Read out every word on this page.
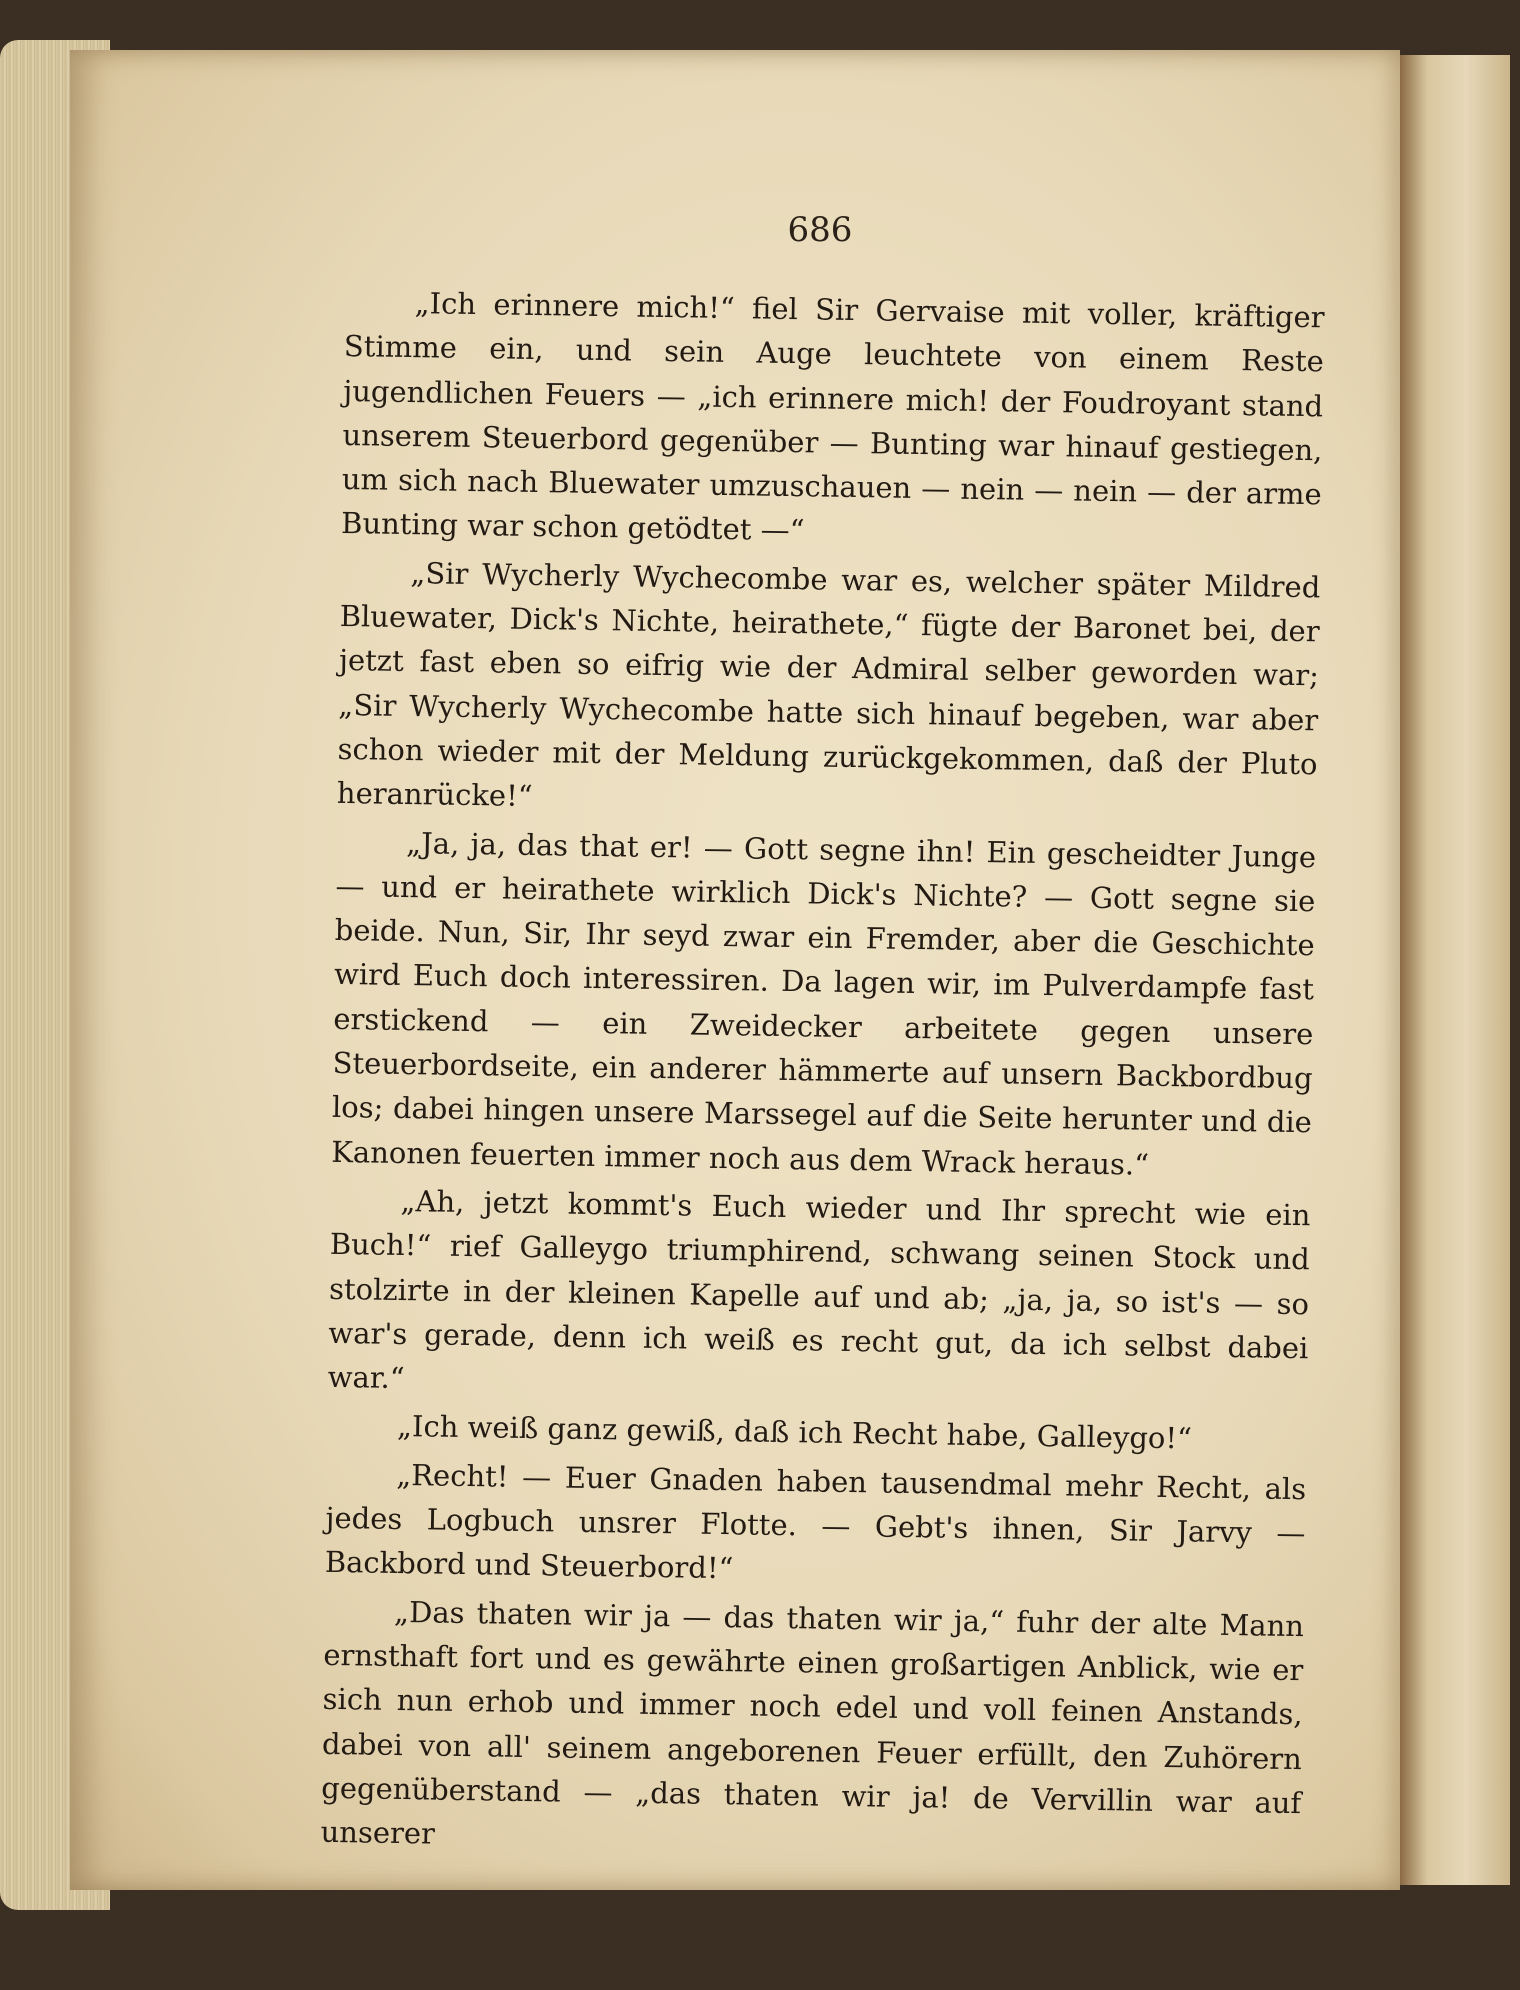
686

„Ich erinnere mich!“ fiel Sir Gervaise mit voller, kräftiger Stimme ein, und sein Auge leuchtete von einem Reste jugendlichen Feuers — „ich erinnere mich! der Foudroyant stand unserem Steuerbord gegenüber — Bunting war hinauf gestiegen, um sich nach Bluewater umzuschauen — nein — nein — der arme Bunting war schon getödtet —“

„Sir Wycherly Wychecombe war es, welcher später Mildred Bluewater, Dick's Nichte, heirathete,“ fügte der Baronet bei, der jetzt fast eben so eifrig wie der Admiral selber geworden war; „Sir Wycherly Wychecombe hatte sich hinauf begeben, war aber schon wieder mit der Meldung zurückgekommen, daß der Pluto heranrücke!“

„Ja, ja, das that er! — Gott segne ihn! Ein gescheidter Junge — und er heirathete wirklich Dick's Nichte? — Gott segne sie beide. Nun, Sir, Ihr seyd zwar ein Fremder, aber die Geschichte wird Euch doch interessiren. Da lagen wir, im Pulverdampfe fast erstickend — ein Zweidecker arbeitete gegen unsere Steuerbordseite, ein anderer hämmerte auf unsern Backbordbug los; dabei hingen unsere Marssegel auf die Seite herunter und die Kanonen feuerten immer noch aus dem Wrack heraus.“

„Ah, jetzt kommt's Euch wieder und Ihr sprecht wie ein Buch!“ rief Galleygo triumphirend, schwang seinen Stock und stolzirte in der kleinen Kapelle auf und ab; „ja, ja, so ist's — so war's gerade, denn ich weiß es recht gut, da ich selbst dabei war.“

„Ich weiß ganz gewiß, daß ich Recht habe, Galleygo!“

„Recht! — Euer Gnaden haben tausendmal mehr Recht, als jedes Logbuch unsrer Flotte. — Gebt's ihnen, Sir Jarvy — Backbord und Steuerbord!“

„Das thaten wir ja — das thaten wir ja,“ fuhr der alte Mann ernsthaft fort und es gewährte einen großartigen Anblick, wie er sich nun erhob und immer noch edel und voll feinen Anstands, dabei von all' seinem angeborenen Feuer erfüllt, den Zuhörern gegenüberstand — „das thaten wir ja! de Vervillin war auf unserer
